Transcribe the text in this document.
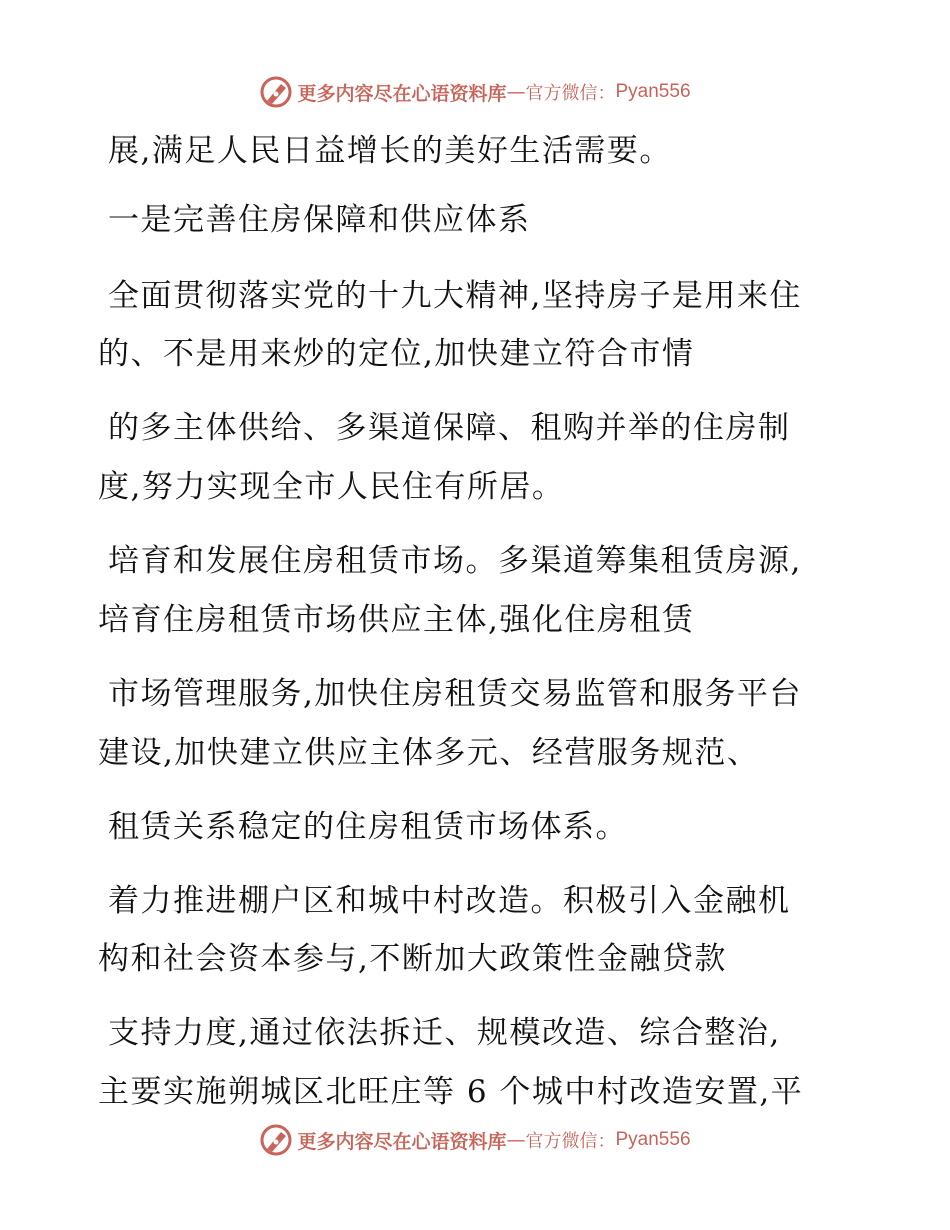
更多内容尽在心语资料库 — 官方微信： Pyan556
展,满足人民日益增长的美好生活需要。
一是完善住房保障和供应体系
全面贯彻落实党的十九大精神,坚持房子是用来住
的、不是用来炒的定位,加快建立符合市情
的多主体供给、多渠道保障、租购并举的住房制
度,努力实现全市人民住有所居。
培育和发展住房租赁市场。多渠道筹集租赁房源,
培育住房租赁市场供应主体,强化住房租赁
市场管理服务,加快住房租赁交易监管和服务平台
建设,加快建立供应主体多元、经营服务规范、
租赁关系稳定的住房租赁市场体系。
着力推进棚户区和城中村改造。积极引入金融机
构和社会资本参与,不断加大政策性金融贷款
支持力度,通过依法拆迁、规模改造、综合整治,
主要实施朔城区北旺庄等 6 个城中村改造安置,平
更多内容尽在心语资料库 — 官方微信： Pyan556
